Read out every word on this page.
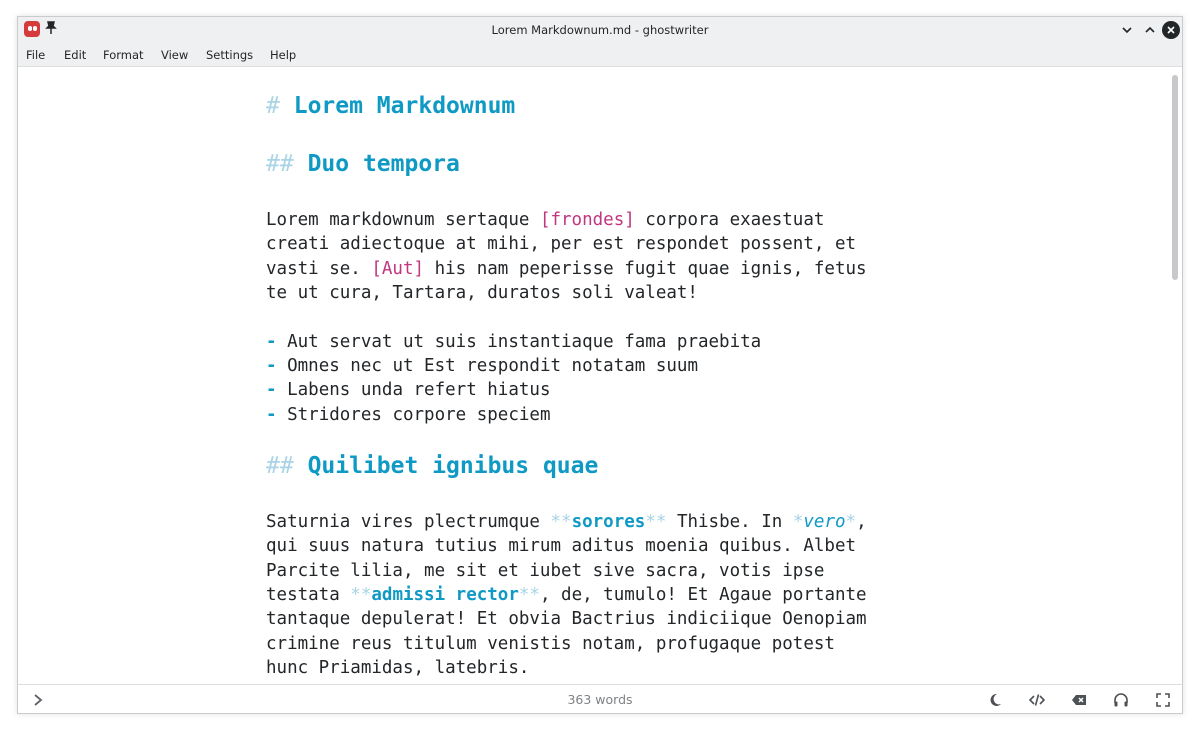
Lorem Markdownum.md - ghostwriter
File Edit Format View Settings Help
# Lorem Markdownum
## Duo tempora
Lorem markdownum sertaque [frondes] corpora exaestuat
creati adiectoque at mihi, per est respondet possent, et
vasti se. [Aut] his nam peperisse fugit quae ignis, fetus
te ut cura, Tartara, duratos soli valeat!
- Aut servat ut suis instantiaque fama praebita
- Omnes nec ut Est respondit notatam suum
- Labens unda refert hiatus
- Stridores corpore speciem
## Quilibet ignibus quae
Saturnia vires plectrumque **sorores** Thisbe. In *vero*,
qui suus natura tutius mirum aditus moenia quibus. Albet
Parcite lilia, me sit et iubet sive sacra, votis ipse
testata **admissi rector**, de, tumulo! Et Agaue portante
tantaque depulerat! Et obvia Bactrius indiciique Oenopiam
crimine reus titulum venistis notam, profugaque potest
hunc Priamidas, latebris.
363 words
